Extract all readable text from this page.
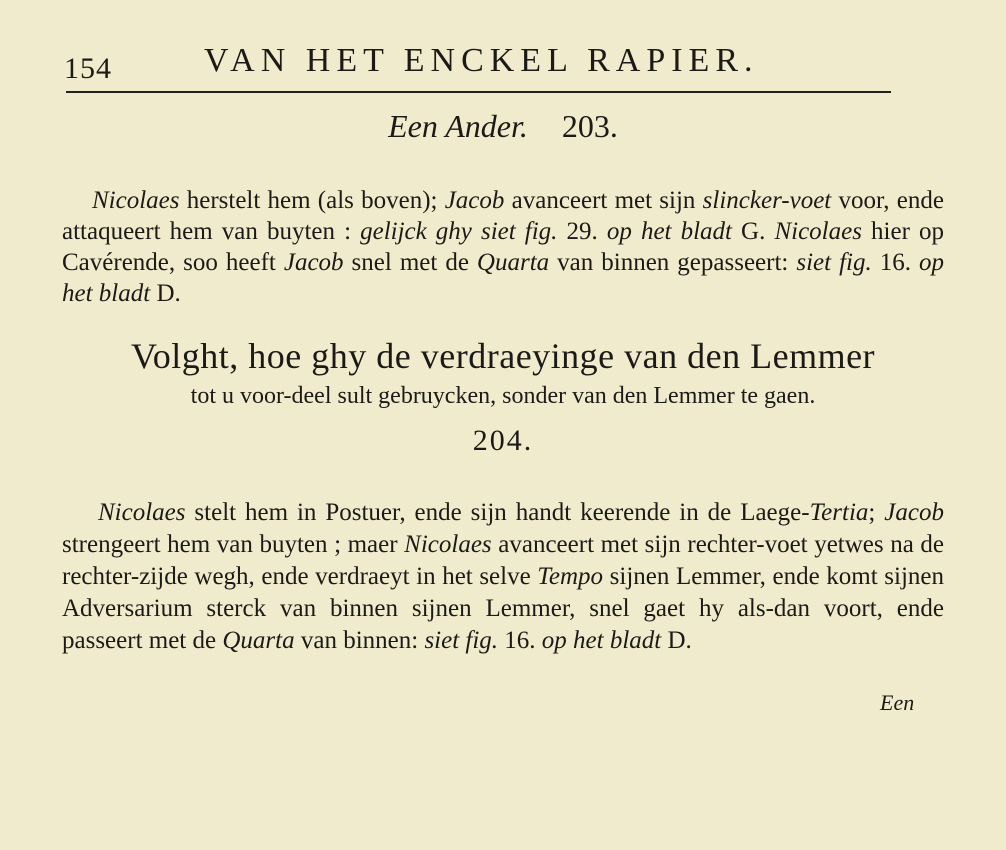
154	VAN HET ENCKEL RAPIER.
Een Ander. 203.

Nicolaes herstelt hem (als boven); Jacob avanceert met sijn slincker-voet voor, ende attaqueert hem van buyten : gelijck ghy siet fig. 29. op het bladt G. Nicolaes hier op Cavérende, soo heeft Jacob snel met de Quarta van binnen gepasseert: siet fig. 16. op het bladt D.

Volght, hoe ghy de verdraeyinge van den Lemmer
tot u voor-deel sult gebruycken, sonder van den Lemmer te gaen.
204.

Nicolaes stelt hem in Postuer, ende sijn handt keerende in de Laege-Tertia; Jacob strengeert hem van buyten ; maer Nicolaes avanceert met sijn rechter-voet yetwes na de rechter-zijde wegh, ende verdraeyt in het selve Tempo sijnen Lemmer, ende komt sijnen Adversarium sterck van binnen sijnen Lemmer, snel gaet hy als-dan voort, ende passeert met de Quarta van binnen: siet fig. 16. op het bladt D.

Een
